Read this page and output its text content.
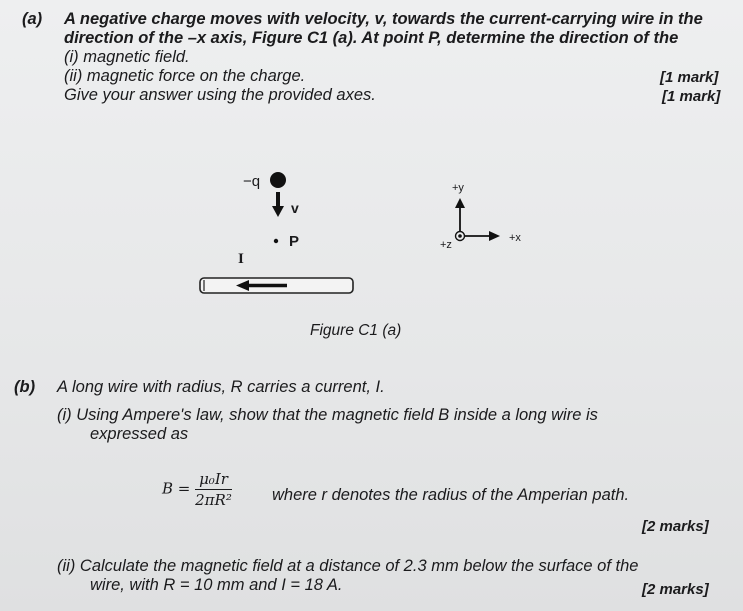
(a) A negative charge moves with velocity, v, towards the current-carrying wire in the
direction of the –x axis, Figure C1 (a). At point P, determine the direction of the
(i) magnetic field.
(ii) magnetic force on the charge.	[1 mark]
Give your answer using the provided axes.	[1 mark]
−q
v
P
I
+y
+x
+z
Figure C1 (a)
(b) A long wire with radius, R carries a current, I.
(i) Using Ampere's law, show that the magnetic field B inside a long wire is
expressed as
$B = \frac{\text{μ₀Ir}}{\text{2πR²}}$ where r denotes the radius of the Amperian path.
[2 marks]
(ii) Calculate the magnetic field at a distance of 2.3 mm below the surface of the
wire, with R = 10 mm and I = 18 A.	[2 marks]
